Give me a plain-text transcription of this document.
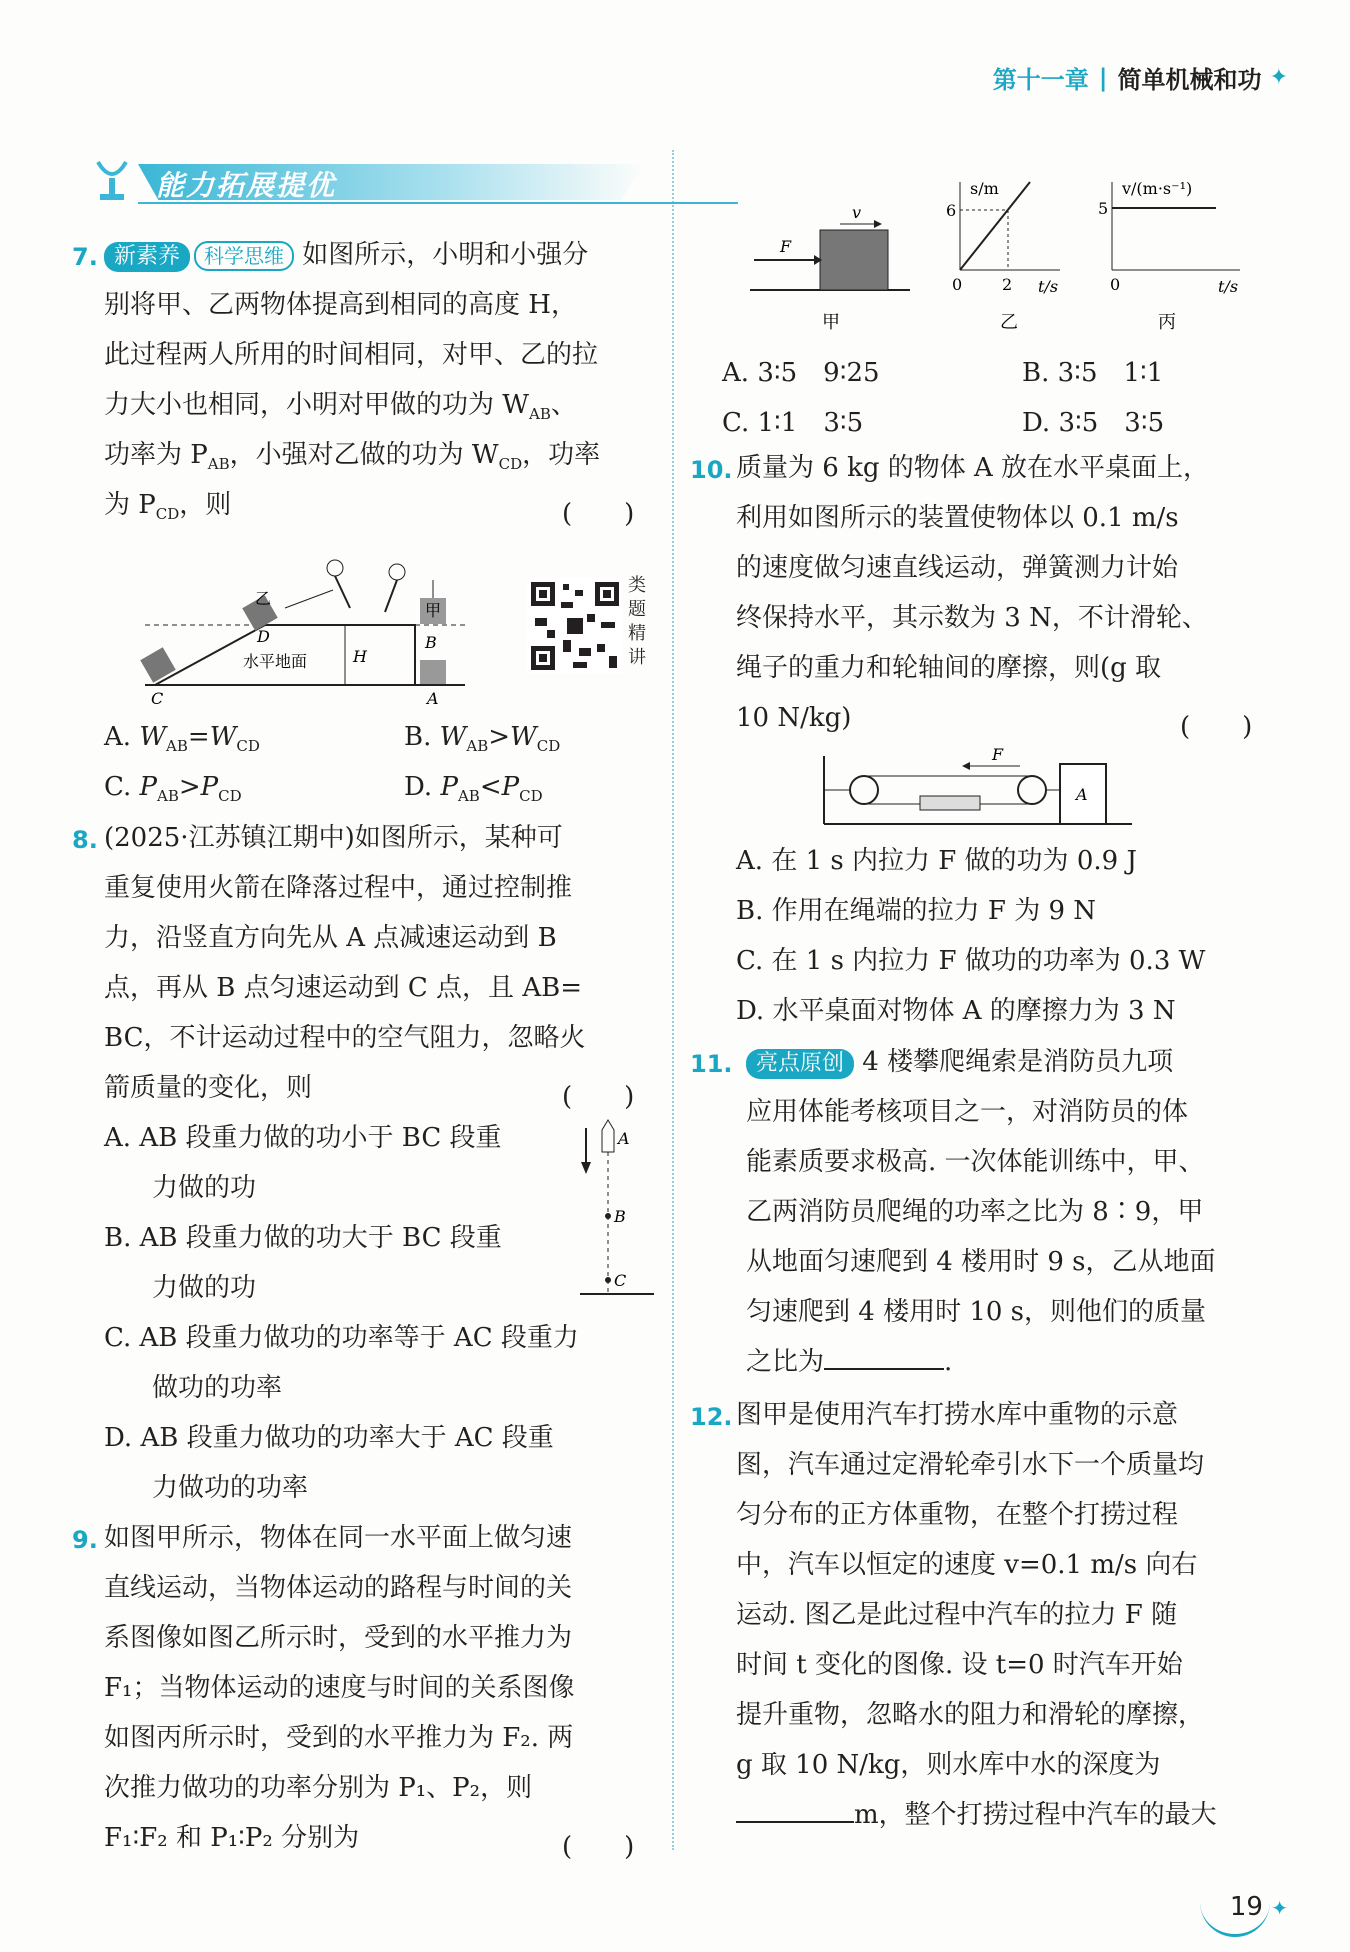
第十一章 | 简单机械和功 ✦
能力拓展提优
7. 新素养 科学思维 如图所示，小明和小强分
别将甲、乙两物体提高到相同的高度 H，
此过程两人所用的时间相同，对甲、乙的拉
力大小也相同，小明对甲做的功为 $W_{AB}$、
功率为 $P_{AB}$，小强对乙做的功为 $W_{CD}$，功率
为 $P_{CD}$，则	(　　)
乙
甲
D	B
C	A
H
水平地面
类
题
精
讲
A. $W_{AB}=W_{CD}$	B. $W_{AB}>W_{CD}$
C. $P_{AB}>P_{CD}$	D. $P_{AB}<P_{CD}$
8. (2025·江苏镇江期中)如图所示，某种可
重复使用火箭在降落过程中，通过控制推
力，沿竖直方向先从 A 点减速运动到 B
点，再从 B 点匀速运动到 C 点，且 AB=
BC，不计运动过程中的空气阻力，忽略火
箭质量的变化，则	(　　)
A
B
C
A. AB 段重力做的功小于 BC 段重
力做的功
B. AB 段重力做的功大于 BC 段重
力做的功
C. AB 段重力做功的功率等于 AC 段重力
做功的功率
D. AB 段重力做功的功率大于 AC 段重
力做功的功率
9. 如图甲所示，物体在同一水平面上做匀速
直线运动，当物体运动的路程与时间的关
系图像如图乙所示时，受到的水平推力为
F₁；当物体运动的速度与时间的关系图像
如图丙所示时，受到的水平推力为 F₂. 两
次推力做功的功率分别为 P₁、P₂，则
F₁∶F₂ 和 P₁∶P₂ 分别为	(　　)
F
v
甲
s/m
6
2
0	t/s
乙
v/(m·s⁻¹)
5
0	t/s
丙
A. 3∶5　9∶25	B. 3∶5　1∶1
C. 1∶1　3∶5	D. 3∶5　3∶5
10. 质量为 6 kg 的物体 A 放在水平桌面上，
利用如图所示的装置使物体以 0.1 m/s
的速度做匀速直线运动，弹簧测力计始
终保持水平，其示数为 3 N，不计滑轮、
绳子的重力和轮轴间的摩擦，则(g 取
10 N/kg)	(　　)
F
A
A. 在 1 s 内拉力 F 做的功为 0.9 J
B. 作用在绳端的拉力 F 为 9 N
C. 在 1 s 内拉力 F 做功的功率为 0.3 W
D. 水平桌面对物体 A 的摩擦力为 3 N
11.	亮点原创 4 楼攀爬绳索是消防员九项
应用体能考核项目之一，对消防员的体
能素质要求极高. 一次体能训练中，甲、
乙两消防员爬绳的功率之比为 8∶9，甲
从地面匀速爬到 4 楼用时 9 s，乙从地面
匀速爬到 4 楼用时 10 s，则他们的质量
之比为	.
12. 图甲是使用汽车打捞水库中重物的示意
图，汽车通过定滑轮牵引水下一个质量均
匀分布的正方体重物，在整个打捞过程
中，汽车以恒定的速度 v=0.1 m/s 向右
运动. 图乙是此过程中汽车的拉力 F 随
时间 t 变化的图像. 设 t=0 时汽车开始
提升重物，忽略水的阻力和滑轮的摩擦，
g 取 10 N/kg，则水库中水的深度为
m，整个打捞过程中汽车的最大
19 ✦
